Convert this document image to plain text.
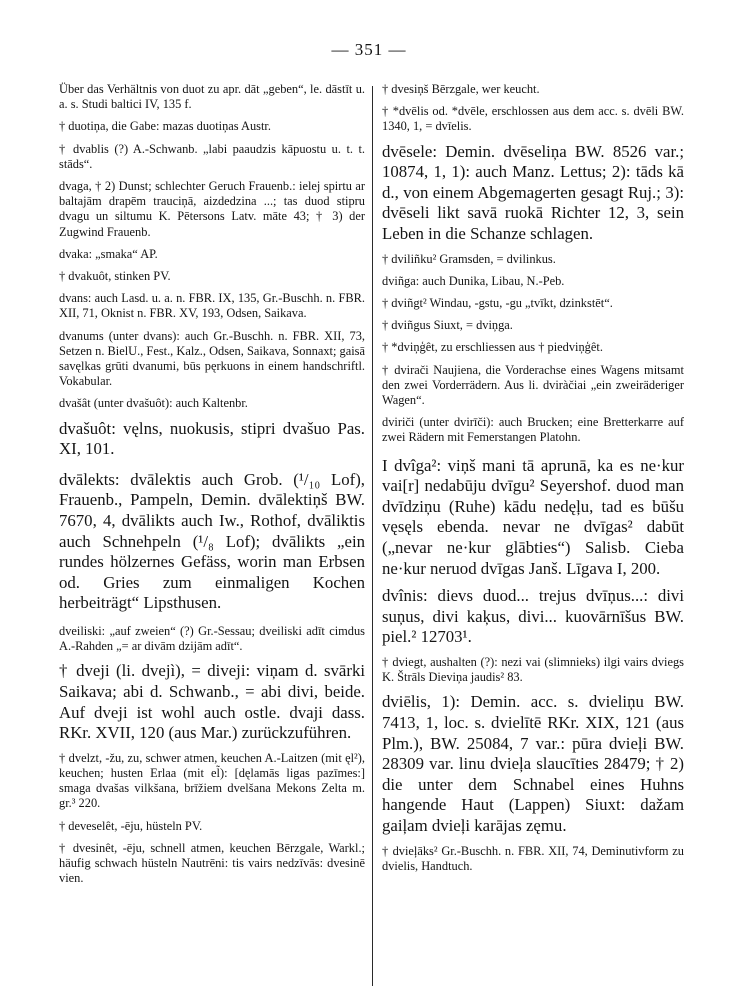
— 351 —

Über das Verhältnis von duot zu apr. dāt „geben“, le. dāstīt u. a. s. Studi baltici IV, 135 f.

† duotiņa, die Gabe: mazas duotiņas Austr.

† dvablis (?) A.-Schwanb. „labi paaudzis kāpuostu u. t. t. stāds“.

dvaga, † 2) Dunst; schlechter Geruch Frauenb.: ielej spirtu ar baltajām drapēm trauciņā, aizdedzina ...; tas duod stipru dvagu un siltumu K. Pētersons Latv. māte 43; † 3) der Zugwind Frauenb.

dvaka: „smaka“ AP.

† dvakuôt, stinken PV.

dvans: auch Lasd. u. a. n. FBR. IX, 135, Gr.-Buschh. n. FBR. XII, 71, Oknist n. FBR. XV, 193, Odsen, Saikava.

dvanums (unter dvans): auch Gr.-Buschh. n. FBR. XII, 73, Setzen n. BielU., Fest., Kalz., Odsen, Saikava, Sonnaxt; gaisā savęlkas grūti dvanumi, būs pęrkuons in einem handschriftl. Vokabular.

dvašât (unter dvašuôt): auch Kaltenbr.

dvašuôt: vęlns, nuokusis, stipri dvašuo Pas. XI, 101.

dvālekts: dvālektis auch Grob. (¹/₁₀ Lof), Frauenb., Pampeln, Demin. dvālektiņš BW. 7670, 4, dvālikts auch Iw., Rothof, dvāliktis auch Schnehpeln (¹/₈ Lof); dvālikts „ein rundes hölzernes Gefäss, worin man Erbsen od. Gries zum einmaligen Kochen herbeiträgt“ Lipsthusen.

dveiliski: „auf zweien“ (?) Gr.-Sessau; dveiliski adīt cimdus A.-Rahden „= ar divām dzijām adīt“.

† dveji (li. dvejì), = diveji: viņam d. svārki Saikava; abi d. Schwanb., = abi divi, beide. Auf dveji ist wohl auch ostle. dvaji dass. RKr. XVII, 120 (aus Mar.) zurückzuführen.

† dvelzt, -žu, zu, schwer atmen, keuchen A.-Laitzen (mit ęl²), keuchen; husten Erlaa (mit el̃): [dęlamās ligas pazīmes:] smaga dvašas vilkšana, brīžiem dvelšana Mekons Zelta m. gr.³ 220.

† deveselêt, -ēju, hüsteln PV.

† dvesinêt, -ēju, schnell atmen, keuchen Bērzgale, Warkl.; häufig schwach hüsteln Nautrēni: tis vairs nedzīvās: dvesinē vien.

† dvesiņš Bērzgale, wer keucht.

† *dvēlis od. *dvēle, erschlossen aus dem acc. s. dvēli BW. 1340, 1, = dvīelis.

dvēsele: Demin. dvēseliņa BW. 8526 var.; 10874, 1, 1): auch Manz. Lettus; 2): tāds kā d., von einem Abgemagerten gesagt Ruj.; 3): dvēseli likt savā ruokā Richter 12, 3, sein Leben in die Schanze schlagen.

† dviliñku² Gramsden, = dvilinkus.

dviñga: auch Dunika, Libau, N.-Peb.

† dviñgt² Windau, -gstu, -gu „tvīkt, dzinkstēt“.

† dviñgus Siuxt, = dviņga.

† *dviņģêt, zu erschliessen aus † piedviņģêt.

† dvirači Naujiena, die Vorderachse eines Wagens mitsamt den zwei Vorderrädern. Aus li. dviràčiai „ein zweiräderiger Wagen“.

dviriči (unter dvirīči): auch Brucken; eine Bretterkarre auf zwei Rädern mit Femerstangen Platohn.

I dvîga²: viņš mani tā aprunā, ka es ne·kur vai[r] nedabūju dvīgu² Seyershof. duod man dvīdziņu (Ruhe) kādu nedęļu, tad es būšu vęsęls ebenda. nevar ne dvīgas² dabūt („nevar ne·kur glābties“) Salisb. Cieba ne·kur neruod dvīgas Janš. Līgava I, 200.

dvînis: dievs duod... trejus dvīņus...: divi suņus, divi kaķus, divi... kuovārnīšus BW. piel.² 12703¹.

† dviegt, aushalten (?): nezi vai (slimnieks) ilgi vairs dviegs K. Štrāls Dieviņa jaudis² 83.

dviēlis, 1): Demin. acc. s. dvieliņu BW. 7413, 1, loc. s. dvielītē RKr. XIX, 121 (aus Plm.), BW. 25084, 7 var.: pūra dvieļi BW. 28309 var. linu dvieļa slaucīties 28479; † 2) die unter dem Schnabel eines Huhns hangende Haut (Lappen) Siuxt: dažam gaiļam dvieļi karājas zęmu.

† dvieļāks² Gr.-Buschh. n. FBR. XII, 74, Deminutivform zu dvielis, Handtuch.
